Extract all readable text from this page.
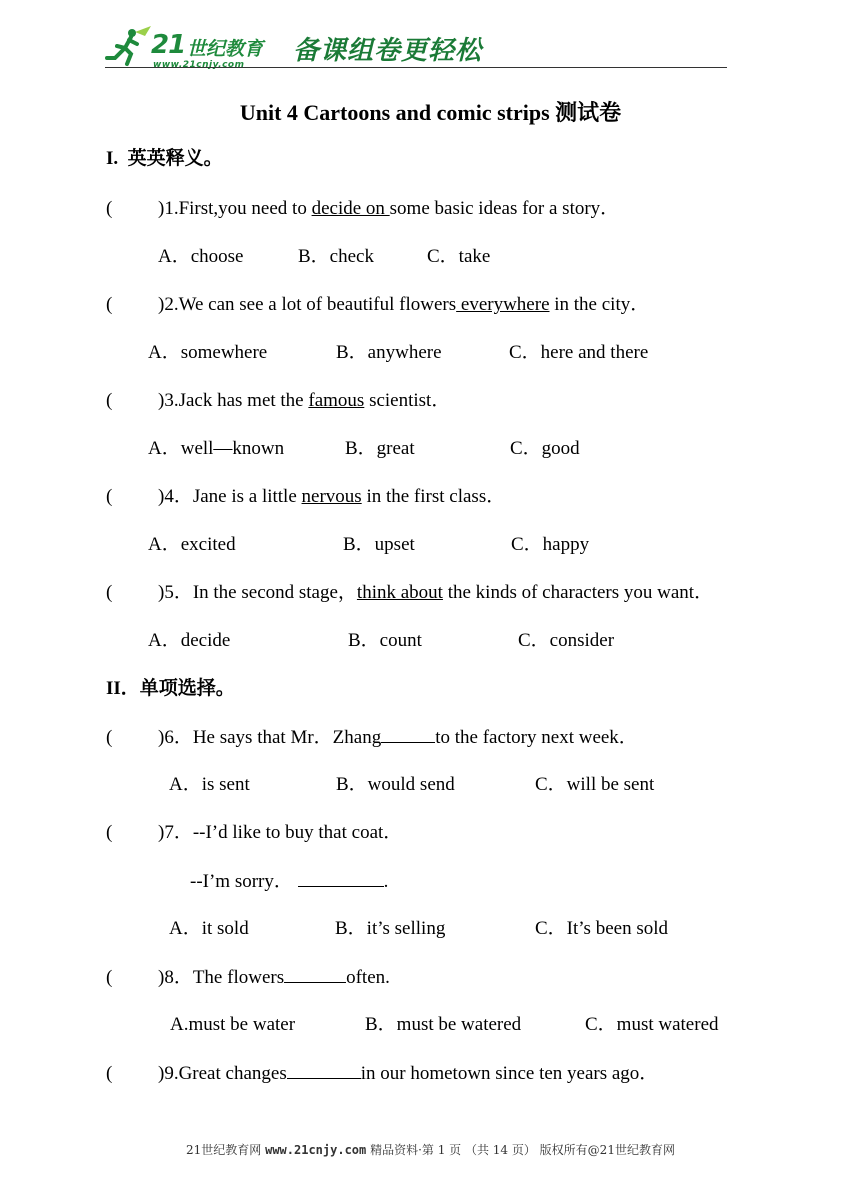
21 世纪教育
www.21cnjy.com 备课组卷更轻松
Unit 4 Cartoons and comic strips 测试卷
I.  英英释义。
( )1.First,you need to decide on some basic ideas for a story．
A．choose	B．check	C．take
( )2.We can see a lot of beautiful flowers everywhere in the city．
A．somewhere	B．anywhere	C．here and there
( )3.Jack has met the famous scientist．
A．well—known	B．great	C．good
( )4．Jane is a little nervous in the first class．
A．excited	B．upset	C．happy
( )5．In the second stage，think about the kinds of characters you want．
A．decide	B．count	C．consider
II．单项选择。
( )6．He says that Mr．Zhang	to the factory next week．
A．is sent	B．would send	C．will be sent
( )7．--I’d like to buy that coat．
--I’m sorry．	.
A．it sold	B．it’s selling	C．It’s been sold
( )8．The flowers	often.
A.must be water	B．must be watered	C．must watered
( )9.Great changes	in our hometown since ten years ago．
21世纪教育网 www.21cnjy.com 精品资料·第 1 页 （共 14 页） 版权所有@21世纪教育网
